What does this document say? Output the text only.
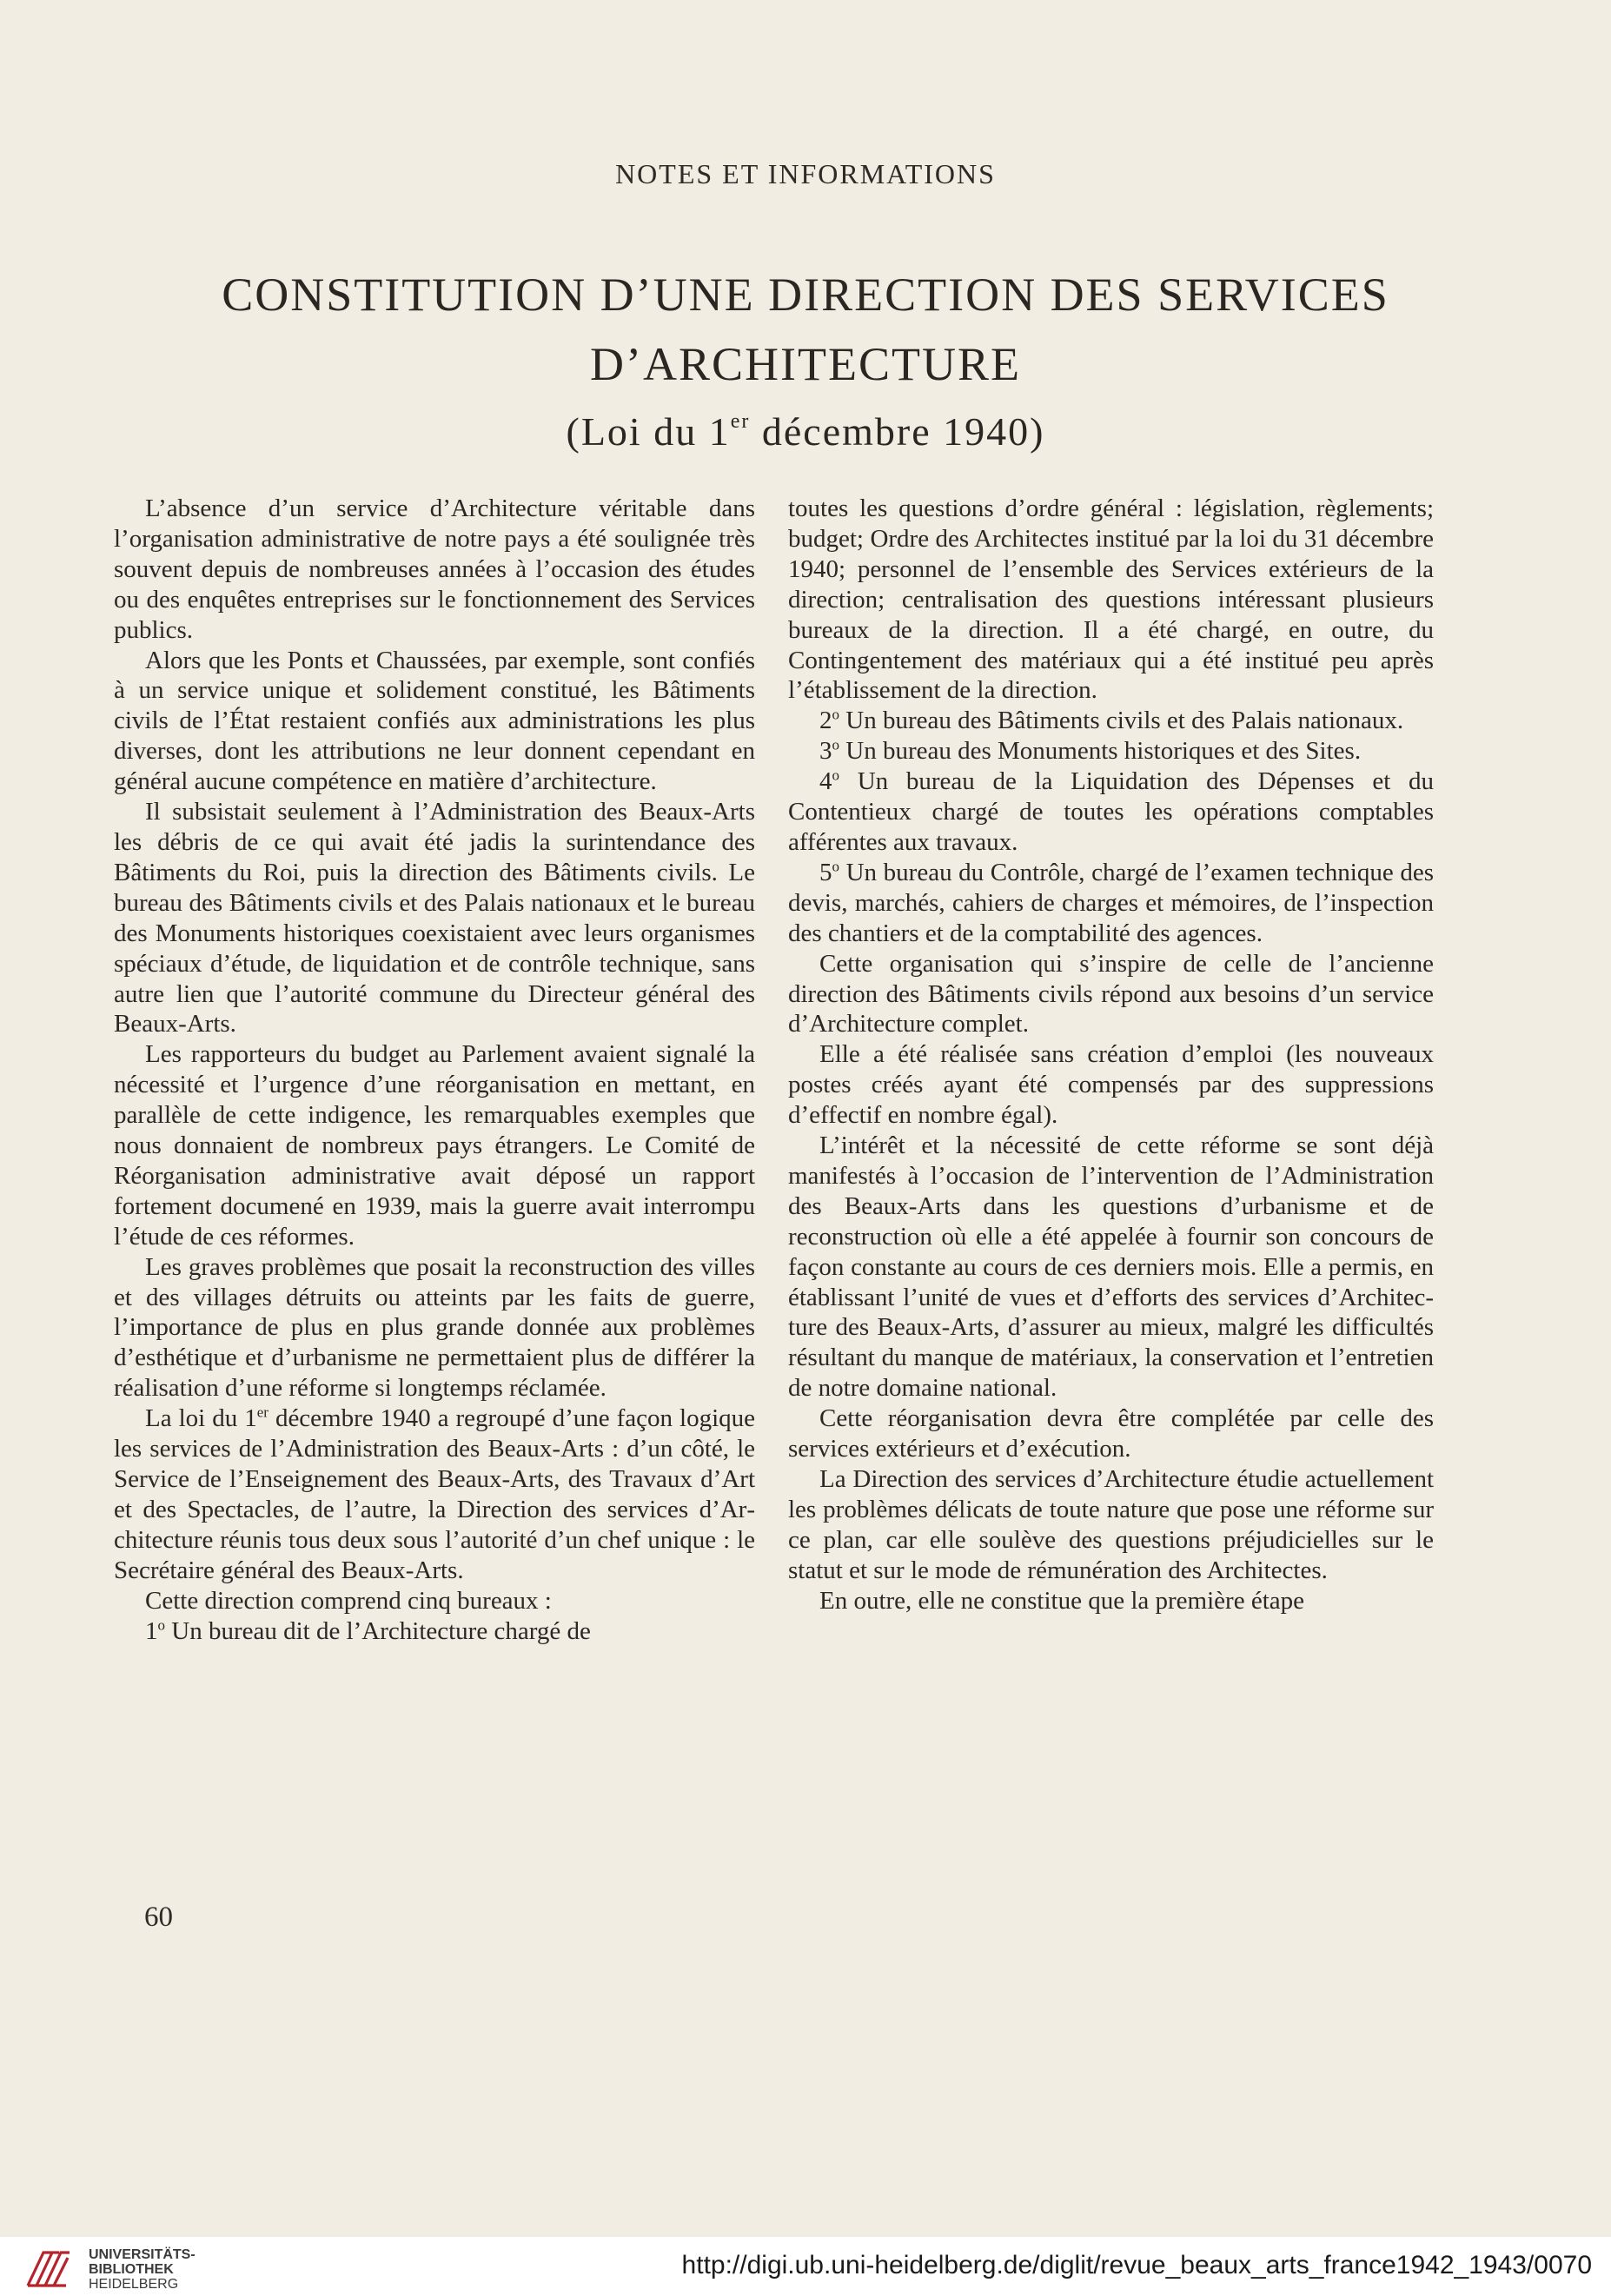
NOTES ET INFORMATIONS
CONSTITUTION D’UNE DIRECTION DES SERVICES
D’ARCHITECTURE
(Loi du 1er décembre 1940)

L’absence d’un service d’Architecture véritable dans l’organisation administrative de notre pays a été soulignée très souvent depuis de nombreuses années à l’occasion des études ou des enquêtes entreprises sur le fonctionnement des Services publics.

Alors que les Ponts et Chaussées, par exemple, sont confiés à un service unique et solidement constitué, les Bâtiments civils de l’État restaient confiés aux administrations les plus diverses, dont les attributions ne leur donnent cependant en général aucune compétence en matière d’architecture.

Il subsistait seulement à l’Administration des Beaux-Arts les débris de ce qui avait été jadis la surintendance des Bâtiments du Roi, puis la direction des Bâtiments civils. Le bureau des Bâtiments civils et des Palais nationaux et le bureau des Monuments historiques coexistaient avec leurs organismes spéciaux d’étude, de liquidation et de contrôle technique, sans autre lien que l’autorité commune du Directeur général des Beaux-Arts.

Les rapporteurs du budget au Parlement avaient signalé la nécessité et l’urgence d’une réorganisation en mettant, en parallèle de cette indigence, les remarquables exemples que nous donnaient de nombreux pays étrangers. Le Comité de Réorganisation administrative avait déposé un rapport fortement documené en 1939, mais la guerre avait interrompu l’étude de ces réformes.

Les graves problèmes que posait la reconstruction des villes et des villages détruits ou atteints par les faits de guerre, l’importance de plus en plus grande donnée aux problèmes d’esthétique et d’urbanisme ne permettaient plus de différer la réalisation d’une réforme si longtemps réclamée.

La loi du 1er décembre 1940 a regroupé d’une façon logique les services de l’Administration des Beaux-Arts : d’un côté, le Service de l’Enseignement des Beaux-Arts, des Travaux d’Art et des Spectacles, de l’autre, la Direction des services d’Architecture réunis tous deux sous l’autorité d’un chef unique : le Secrétaire général des Beaux-Arts.

Cette direction comprend cinq bureaux :

1$^o$ Un bureau dit de l’Architecture chargé de

toutes les questions d’ordre général : législation, règlements; budget; Ordre des Architectes institué par la loi du 31 décembre 1940; personnel de l’ensemble des Services extérieurs de la direction; centralisation des questions intéressant plusieurs bureaux de la direction. Il a été chargé, en outre, du Contingentement des matériaux qui a été institué peu après l’établissement de la direction.

2$^o$ Un bureau des Bâtiments civils et des Palais nationaux.

3$^o$ Un bureau des Monuments historiques et des Sites.

4$^o$ Un bureau de la Liquidation des Dépenses et du Contentieux chargé de toutes les opérations comptables afférentes aux travaux.

5$^o$ Un bureau du Contrôle, chargé de l’examen technique des devis, marchés, cahiers de charges et mémoires, de l’inspection des chantiers et de la comptabilité des agences.

Cette organisation qui s’inspire de celle de l’ancienne direction des Bâtiments civils répond aux besoins d’un service d’Architecture complet.

Elle a été réalisée sans création d’emploi (les nouveaux postes créés ayant été compensés par des suppressions d’effectif en nombre égal).

L’intérêt et la nécessité de cette réforme se sont déjà manifestés à l’occasion de l’intervention de l’Administration des Beaux-Arts dans les questions d’urbanisme et de reconstruction où elle a été appelée à fournir son concours de façon constante au cours de ces derniers mois. Elle a permis, en établissant l’unité de vues et d’efforts des services d’Architecture des Beaux-Arts, d’assurer au mieux, malgré les difficultés résultant du manque de matériaux, la conservation et l’entretien de notre domaine national.

Cette réorganisation devra être complétée par celle des services extérieurs et d’exécution.

La Direction des services d’Architecture étudie actuellement les problèmes délicats de toute nature que pose une réforme sur ce plan, car elle soulève des questions préjudicielles sur le statut et sur le mode de rémunération des Architectes.

En outre, elle ne constitue que la première étape

60
UNIVERSITÄTS-
BIBLIOTHEK
HEIDELBERG
http://digi.ub.uni-heidelberg.de/diglit/revue_beaux_arts_france1942_1943/0070
